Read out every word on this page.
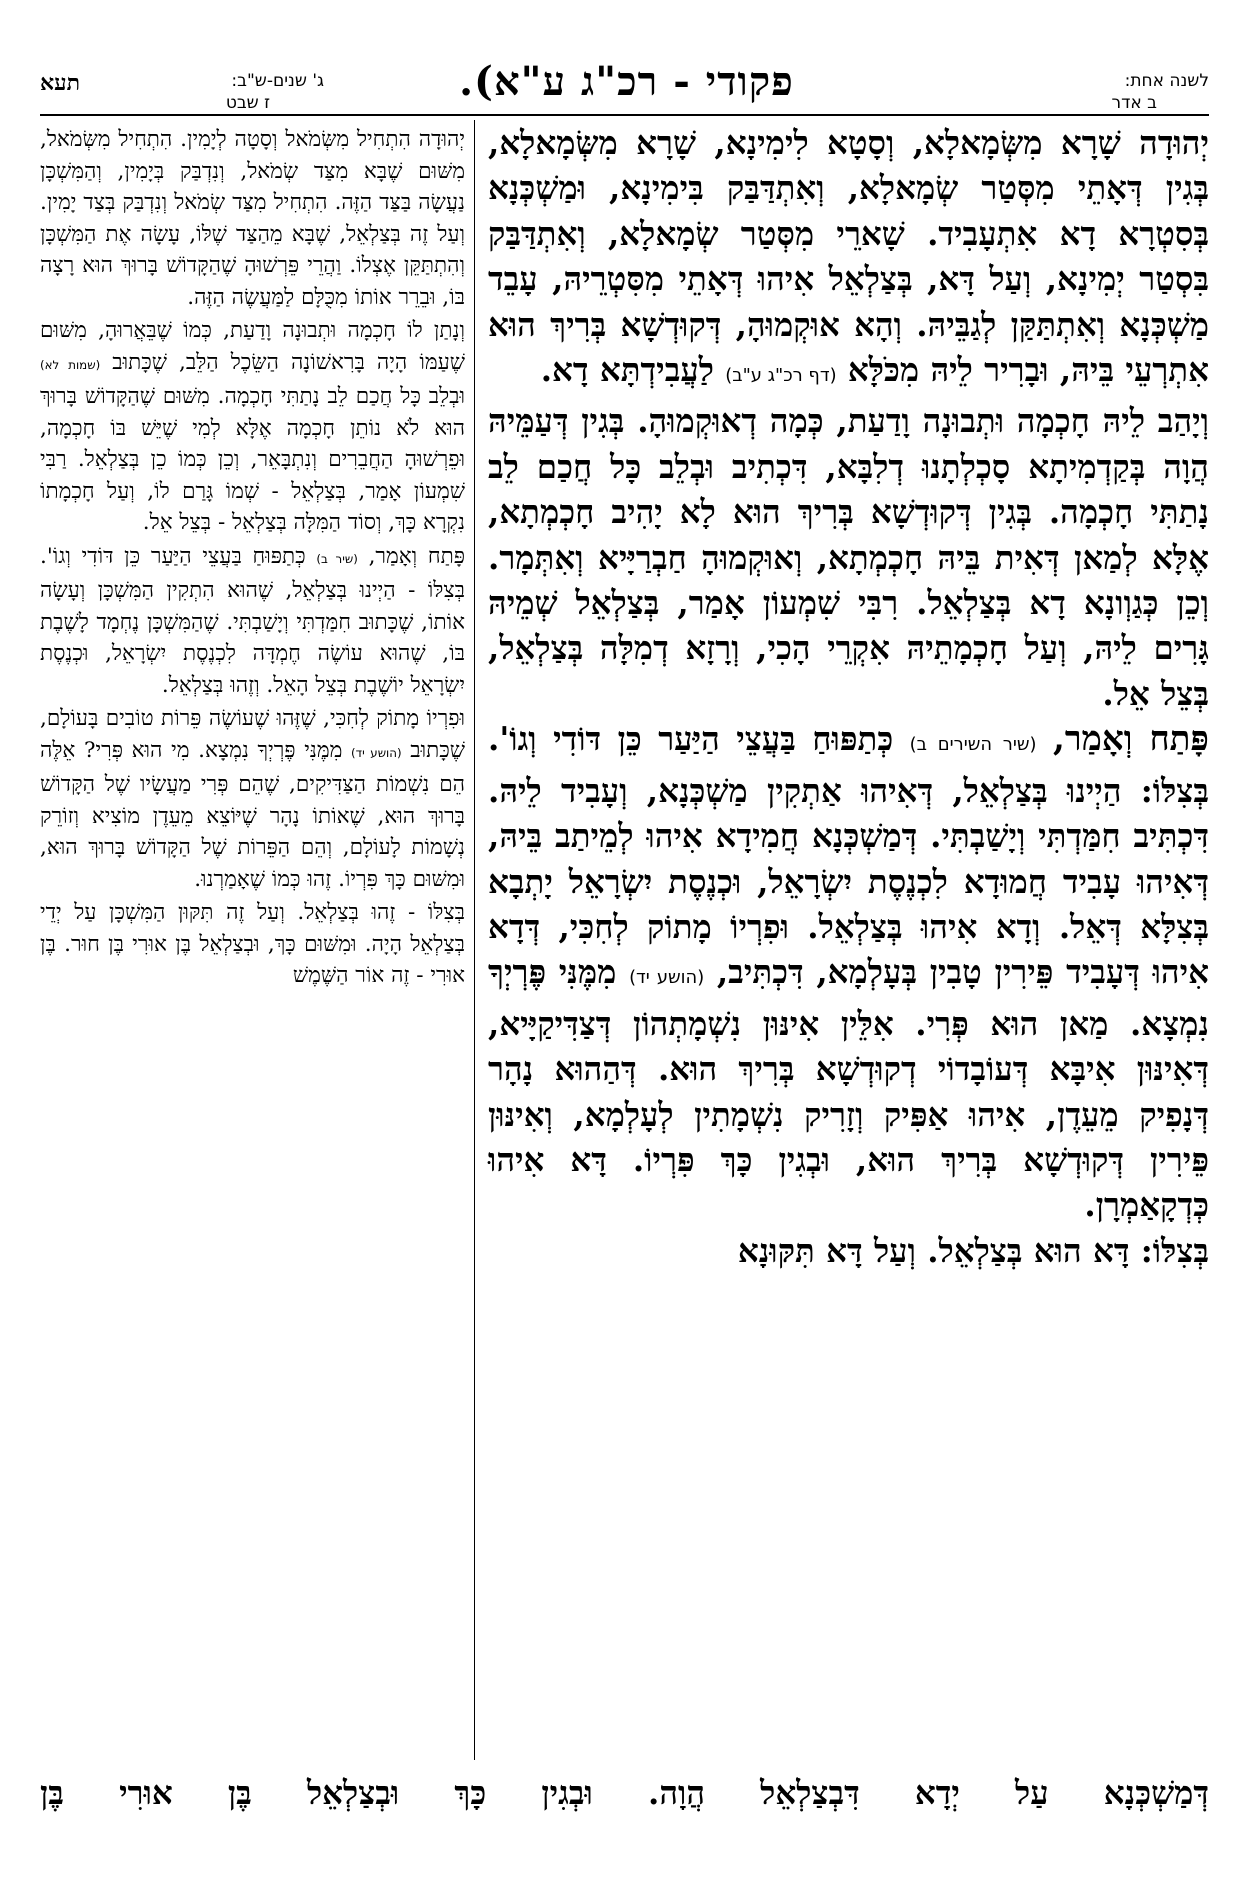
לשנה אחת:
ב אדר
פקודי - רכ"ג ע"א).
ג' שנים-ש"ב:
ז שבט
תעא

יְהוּדָה שָׁרָא מִשְּׂמָאלָא, וְסָטָא לִימִינָא, שָׁרָא מִשְּׂמָאלָא, בְּגִין דְּאָתֵי מִסְּטַר שְׂמָאלָא, וְאִתְדַּבַּק בִּימִינָא, וּמַשְׁכְּנָא בְּסִטְרָא דָא אִתְעָבִיד. שָׁארֵי מִסְּטַר שְׂמָאלָא, וְאִתְדַּבַּק בִּסְטַר יְמִינָא, וְעַל דָּא, בְּצַלְאֵל אִיהוּ דְּאָתֵי מִסִּטְרֵיהּ, עָבֵד מַשְׁכְּנָא וְאִתְתַּקַּן לְגַבֵּיהּ. וְהָא אוּקְמוּהָ, דְּקוּדְשָׁא בְּרִיךְ הוּא אִתְרְעֵי בֵּיהּ, וּבָרִיר לֵיהּ מִכֹּלָּא (דף רכ"ג ע"ב) לַעֲבִידְתָּא דָא.

וְיָהַב לֵיהּ חָכְמָה וּתְבוּנָה וָדַעַת, כְּמָה דְאוּקְמוּהָ. בְּגִין דְּעַמֵּיהּ הֲוָה בְּקַדְמִיתָא סָכְלְתָנוּ דְלִבָּא, דִּכְתִיב וּבְלֵב כָּל חֲכַם לֵב נָתַתִּי חָכְמָה. בְּגִין דְּקוּדְשָׁא בְּרִיךְ הוּא לָא יָהִיב חָכְמְתָא, אֶלָּא לְמַאן דְּאִית בֵּיהּ חָכְמְתָא, וְאוּקְמוּהָ חַבְרַיָּיא וְאִתְּמָר. וְכֵן כְּגַוְונָא דָא בְּצַלְאֵל. רִבִּי שִׁמְעוֹן אָמַר, בְּצַלְאֵל שְׁמֵיהּ גָּרִים לֵיהּ, וְעַל חָכְמָתֵיהּ אִקְרֵי הָכִי, וְרָזָא דְמִלָּה בְּצַלְאֵל, בְּצֵל אֵל.

פָּתַח וְאָמַר, (שיר השירים ב) כְּתַפּוּחַ בַּעֲצֵי הַיַּעַר כֵּן דּוֹדִי וְגוֹ'. בְּצִלּוֹ: הַיְינוּ בְּצַלְאֵל, דְּאִיהוּ אַתְקִין מַשְׁכְּנָא, וְעָבִיד לֵיהּ. דִּכְתִּיב חִמַּדְתִּי וְיָשַׁבְתִּי. דְּמַשְׁכְּנָא חֲמִידָא אִיהוּ לְמֵיתַב בֵּיהּ, דְּאִיהוּ עָבִיד חֲמוּדָא לִכְנֶסֶת יִשְׂרָאֵל, וּכְנֶסֶת יִשְׂרָאֵל יָתְבָא בְּצִלָּא דְּאֵל. וְדָא אִיהוּ בְּצַלְאֵל. וּפִרְיוֹ מָתוֹק לְחִכִּי, דְּדָא אִיהוּ דְּעָבִיד פֵּירִין טָבִין בְּעָלְמָא, דִּכְתִּיב, (הושע יד) מִמֶּנִּי פֶּרְיְךָ נִמְצָא. מַאן הוּא פְּרִי. אִלֵּין אִינּוּן נִשְׁמָתְהוֹן דְּצַדִּיקַיָּיא, דְּאִינּוּן אִיבָּא דְּעוֹבָדוֹי דְקוּדְשָׁא בְּרִיךְ הוּא. דְּהַהוּא נָהָר דְּנָפִיק מֵעֵדֶן, אִיהוּ אַפִּיק וְזָרִיק נִשְׁמָתִין לְעָלְמָא, וְאִינּוּן פֵּירִין דְּקוּדְשָׁא בְּרִיךְ הוּא, וּבְגִין כָּךְ פִּרְיוֹ. דָּא אִיהוּ כְּדְקָאַמְרָן.

בְּצִלּוֹ: דָּא הוּא בְּצַלְאֵל. וְעַל דָּא תִּקּוּנָא

יְהוּדָה הִתְחִיל מִשְּׂמֹאל וְסָטָה לְיָמִין. הִתְחִיל מִשְּׂמֹאל, מִשּׁוּם שֶׁבָּא מִצַּד שְׂמֹאל, וְנִדְבַּק בְּיָמִין, וְהַמִּשְׁכָּן נַעֲשָׂה בַּצַּד הַזֶּה. הִתְחִיל מִצַּד שְׂמֹאל וְנִדְבַּק בְּצַד יָמִין. וְעַל זֶה בְּצַלְאֵל, שֶׁבָּא מֵהַצַּד שֶׁלּוֹ, עָשָׂה אֶת הַמִּשְׁכָּן וְהִתְתַּקֵּן אֶצְלוֹ. וַהֲרֵי פֵּרְשׁוּהָ שֶׁהַקָּדוֹשׁ בָּרוּךְ הוּא רָצָה בּוֹ, וּבֵרֵר אוֹתוֹ מִכֻּלָּם לַמַּעֲשֶׂה הַזֶּה.

וְנָתַן לוֹ חָכְמָה וּתְבוּנָה וָדַעַת, כְּמוֹ שֶׁבֵּאֲרוּהָ, מִשּׁוּם שֶׁעַמּוֹ הָיָה בָּרִאשׁוֹנָה הַשֵּׂכֶל הַלֵּב, שֶׁכָּתוּב (שמות לא) וּבְלֵב כָּל חֲכַם לֵב נָתַתִּי חָכְמָה. מִשּׁוּם שֶׁהַקָּדוֹשׁ בָּרוּךְ הוּא לֹא נוֹתֵן חָכְמָה אֶלָּא לְמִי שֶׁיֵּשׁ בּוֹ חָכְמָה, וּפֵרְשׁוּהָ הַחֲבֵרִים וְנִתְבָּאֵר, וְכֵן כְּמוֹ כֵן בְּצַלְאֵל. רַבִּי שִׁמְעוֹן אָמַר, בְּצַלְאֵל - שְׁמוֹ גָּרַם לוֹ, וְעַל חָכְמָתוֹ נִקְרָא כָּךְ, וְסוֹד הַמִּלָּה בְּצַלְאֵל - בְּצֵל אֵל.

פָּתַח וְאָמַר, (שיר ב) כְּתַפּוּחַ בַּעֲצֵי הַיַּעַר כֵּן דּוֹדִי וְגוֹ'. בְּצִלּוֹ - הַיְינוּ בְּצַלְאֵל, שֶׁהוּא הִתְקִין הַמִּשְׁכָּן וְעָשָׂה אוֹתוֹ, שֶׁכָּתוּב חִמַּדְתִּי וְיָשַׁבְתִּי. שֶׁהַמִּשְׁכָּן נֶחְמָד לָשֶׁבֶת בּוֹ, שֶׁהוּא עוֹשֶׂה חֶמְדָּה לִכְנֶסֶת יִשְׂרָאֵל, וּכְנֶסֶת יִשְׂרָאֵל יוֹשֶׁבֶת בְּצֵל הָאֵל. וְזֶהוּ בְּצַלְאֵל.

וּפִרְיוֹ מָתוֹק לְחִכִּי, שֶׁזֶּהוּ שֶׁעוֹשֶׂה פֵּרוֹת טוֹבִים בָּעוֹלָם, שֶׁכָּתוּב (הושע יד) מִמֶּנִּי פֶּרְיְךָ נִמְצָא. מִי הוּא פְּרִי? אֵלֶּה הֵם נִשְׁמוֹת הַצַּדִּיקִים, שֶׁהֵם פְּרִי מַעֲשָׂיו שֶׁל הַקָּדוֹשׁ בָּרוּךְ הוּא, שֶׁאוֹתוֹ נָהָר שֶׁיּוֹצֵא מֵעֵדֶן מוֹצִיא וְזוֹרֵק נְשָׁמוֹת לָעוֹלָם, וְהֵם הַפֵּרוֹת שֶׁל הַקָּדוֹשׁ בָּרוּךְ הוּא, וּמִשּׁוּם כָּךְ פִּרְיוֹ. זֶהוּ כְּמוֹ שֶׁאָמַרְנוּ.

בְּצִלּוֹ - זֶהוּ בְּצַלְאֵל. וְעַל זֶה תִּקּוּן הַמִּשְׁכָּן עַל יְדֵי בְּצַלְאֵל הָיָה. וּמִשּׁוּם כָּךְ, וּבְצַלְאֵל בֶּן אוּרִי בֶּן חוּר. בֶּן אוּרִי - זֶה אוֹר הַשֶּׁמֶשׁ

דְּמַשְׁכְּנָא עַל יְדָא דִּבְצַלְאֵל הֲוָה. וּבְגִין כָּךְ וּבְצַלְאֵל בֶּן אוּרִי בֶּן
